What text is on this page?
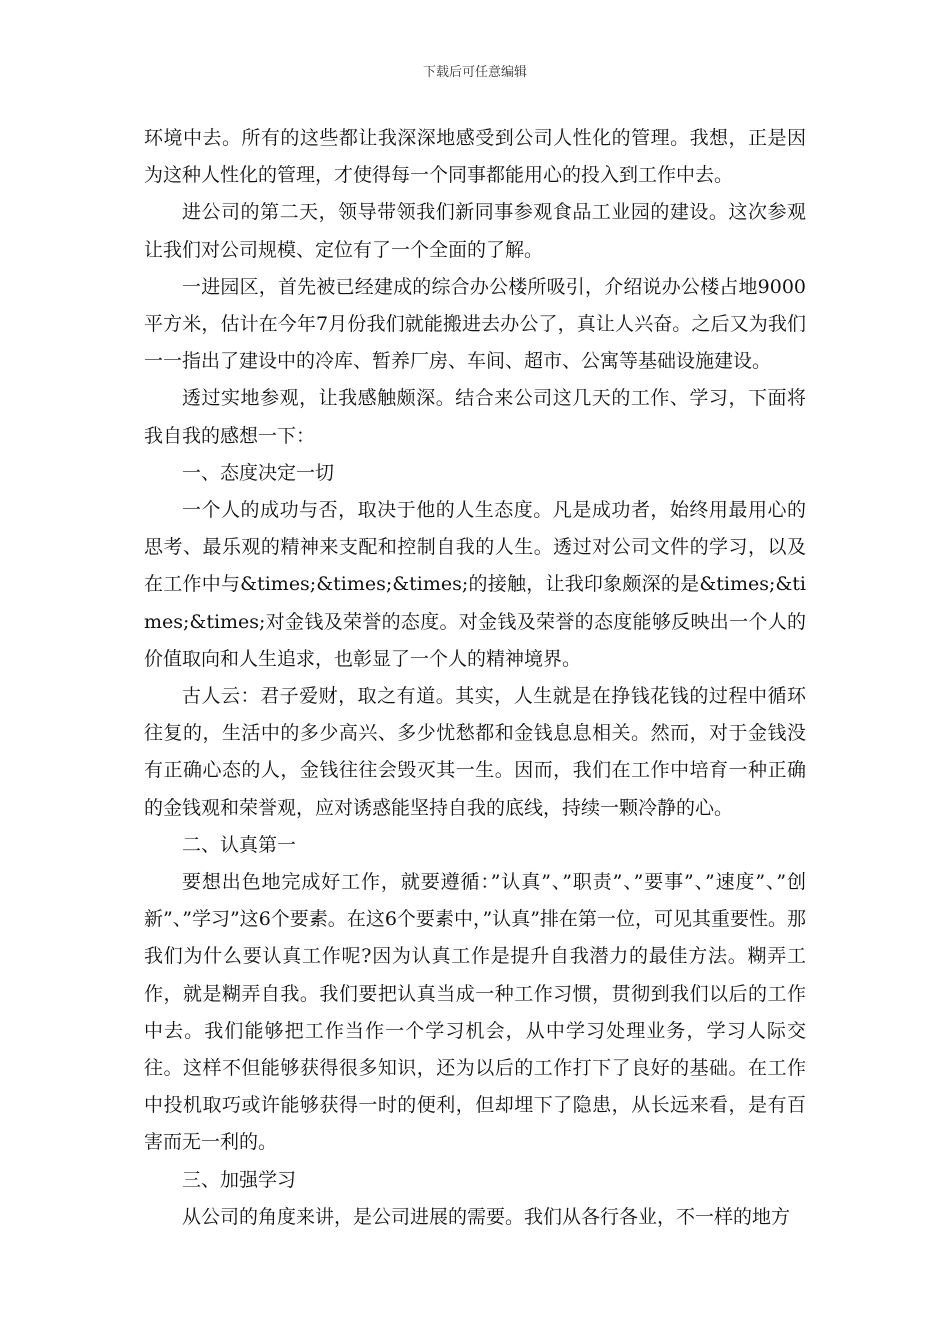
下载后可任意编辑

环境中去。所有的这些都让我深深地感受到公司人性化的管理。我想，正是因为这种人性化的管理，才使得每一个同事都能用心的投入到工作中去。

进公司的第二天，领导带领我们新同事参观食品工业园的建设。这次参观让我们对公司规模、定位有了一个全面的了解。

一进园区，首先被已经建成的综合办公楼所吸引，介绍说办公楼占地9000平方米，估计在今年7月份我们就能搬进去办公了，真让人兴奋。之后又为我们一一指出了建设中的冷库、暂养厂房、车间、超市、公寓等基础设施建设。

透过实地参观，让我感触颇深。结合来公司这几天的工作、学习，下面将我自我的感想一下：

一、态度决定一切

一个人的成功与否，取决于他的人生态度。凡是成功者，始终用最用心的思考、最乐观的精神来支配和控制自我的人生。透过对公司文件的学习，以及在工作中与&times;&times;&times;的接触，让我印象颇深的是&times;&times;&times;对金钱及荣誉的态度。对金钱及荣誉的态度能够反映出一个人的价值取向和人生追求，也彰显了一个人的精神境界。

古人云：君子爱财，取之有道。其实，人生就是在挣钱花钱的过程中循环往复的，生活中的多少高兴、多少忧愁都和金钱息息相关。然而，对于金钱没有正确心态的人，金钱往往会毁灭其一生。因而，我们在工作中培育一种正确的金钱观和荣誉观，应对诱惑能坚持自我的底线，持续一颗冷静的心。

二、认真第一

要想出色地完成好工作，就要遵循：”认真”、”职责”、”要事”、”速度”、”创新”、”学习”这6个要素。在这6个要素中，”认真”排在第一位，可见其重要性。那我们为什么要认真工作呢?因为认真工作是提升自我潜力的最佳方法。糊弄工作，就是糊弄自我。我们要把认真当成一种工作习惯，贯彻到我们以后的工作中去。我们能够把工作当作一个学习机会，从中学习处理业务，学习人际交往。这样不但能够获得很多知识，还为以后的工作打下了良好的基础。在工作中投机取巧或许能够获得一时的便利，但却埋下了隐患，从长远来看，是有百害而无一利的。

三、加强学习

从公司的角度来讲，是公司进展的需要。我们从各行各业，不一样的地方
